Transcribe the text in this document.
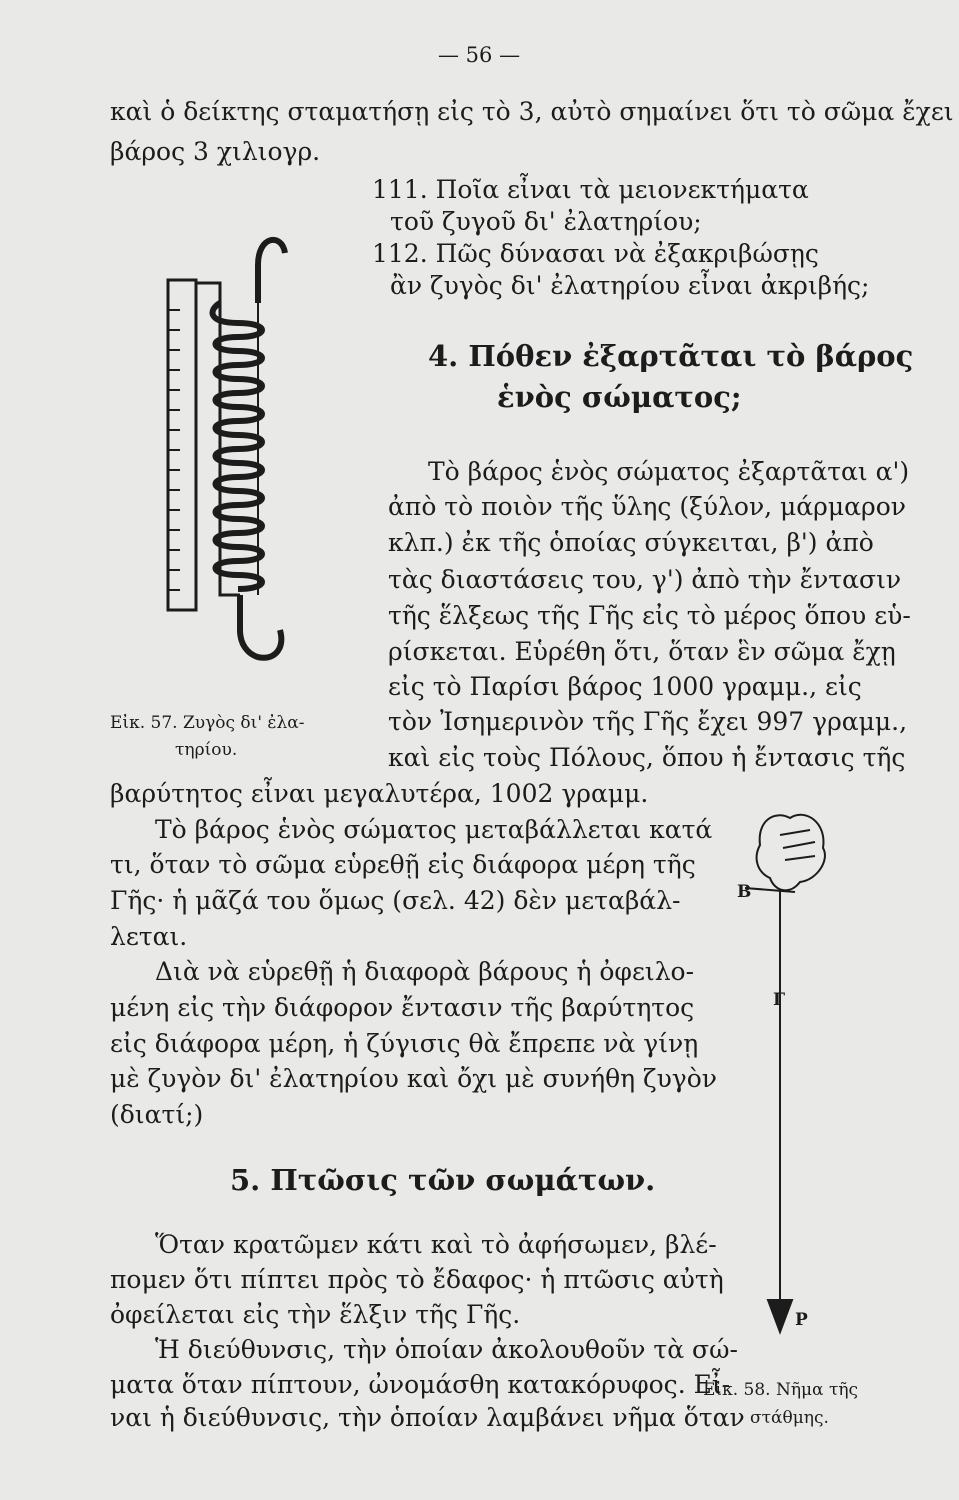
— 56 —
καὶ ὁ δείκτης σταματήσῃ εἰς τὸ 3, αὐτὸ σημαίνει ὅτι τὸ σῶμα ἔχει
βάρος 3 χιλιογρ.
111. Ποῖα εἶναι τὰ μειονεκτήματα
τοῦ ζυγοῦ δι' ἐλατηρίου;
112. Πῶς δύνασαι νὰ ἐξακριβώσῃς
ἂν ζυγὸς δι' ἐλατηρίου εἶναι ἀκριβής;
4. Πόθεν ἐξαρτᾶται τὸ βάρος
ἑνὸς σώματος;
Τὸ βάρος ἑνὸς σώματος ἐξαρτᾶται α')
ἀπὸ τὸ ποιὸν τῆς ὕλης (ξύλον, μάρμαρον
κλπ.) ἐκ τῆς ὁποίας σύγκειται, β') ἀπὸ
τὰς διαστάσεις του, γ') ἀπὸ τὴν ἔντασιν
τῆς ἕλξεως τῆς Γῆς εἰς τὸ μέρος ὅπου εὑ-
ρίσκεται. Εὑρέθη ὅτι, ὅταν ἓν σῶμα ἔχῃ
εἰς τὸ Παρίσι βάρος 1000 γραμμ., εἰς
τὸν Ἰσημερινὸν τῆς Γῆς ἔχει 997 γραμμ.,
καὶ εἰς τοὺς Πόλους, ὅπου ἡ ἔντασις τῆς
βαρύτητος εἶναι μεγαλυτέρα, 1002 γραμμ.
Τὸ βάρος ἑνὸς σώματος μεταβάλλεται κατά
τι, ὅταν τὸ σῶμα εὑρεθῇ εἰς διάφορα μέρη τῆς
Γῆς· ἡ μᾶζά του ὅμως (σελ. 42) δὲν μεταβάλ-
λεται.
Διὰ νὰ εὑρεθῇ ἡ διαφορὰ βάρους ἡ ὀφειλο-
μένη εἰς τὴν διάφορον ἔντασιν τῆς βαρύτητος
εἰς διάφορα μέρη, ἡ ζύγισις θὰ ἔπρεπε νὰ γίνῃ
μὲ ζυγὸν δι' ἐλατηρίου καὶ ὄχι μὲ συνήθη ζυγὸν
(διατί;)
5. Πτῶσις τῶν σωμάτων.
Ὅταν κρατῶμεν κάτι καὶ τὸ ἀφήσωμεν, βλέ-
πομεν ὅτι πίπτει πρὸς τὸ ἔδαφος· ἡ πτῶσις αὐτὴ
ὀφείλεται εἰς τὴν ἕλξιν τῆς Γῆς.
Ἡ διεύθυνσις, τὴν ὁποίαν ἀκολουθοῦν τὰ σώ-
ματα ὅταν πίπτουν, ὠνομάσθη κατακόρυφος. Εἶ-
ναι ἡ διεύθυνσις, τὴν ὁποίαν λαμβάνει νῆμα ὅταν
Εἰκ. 57. Ζυγὸς δι' ἐλα-
τηρίου.
B
Γ
P
Εἰκ. 58. Νῆμα τῆς
στάθμης.
